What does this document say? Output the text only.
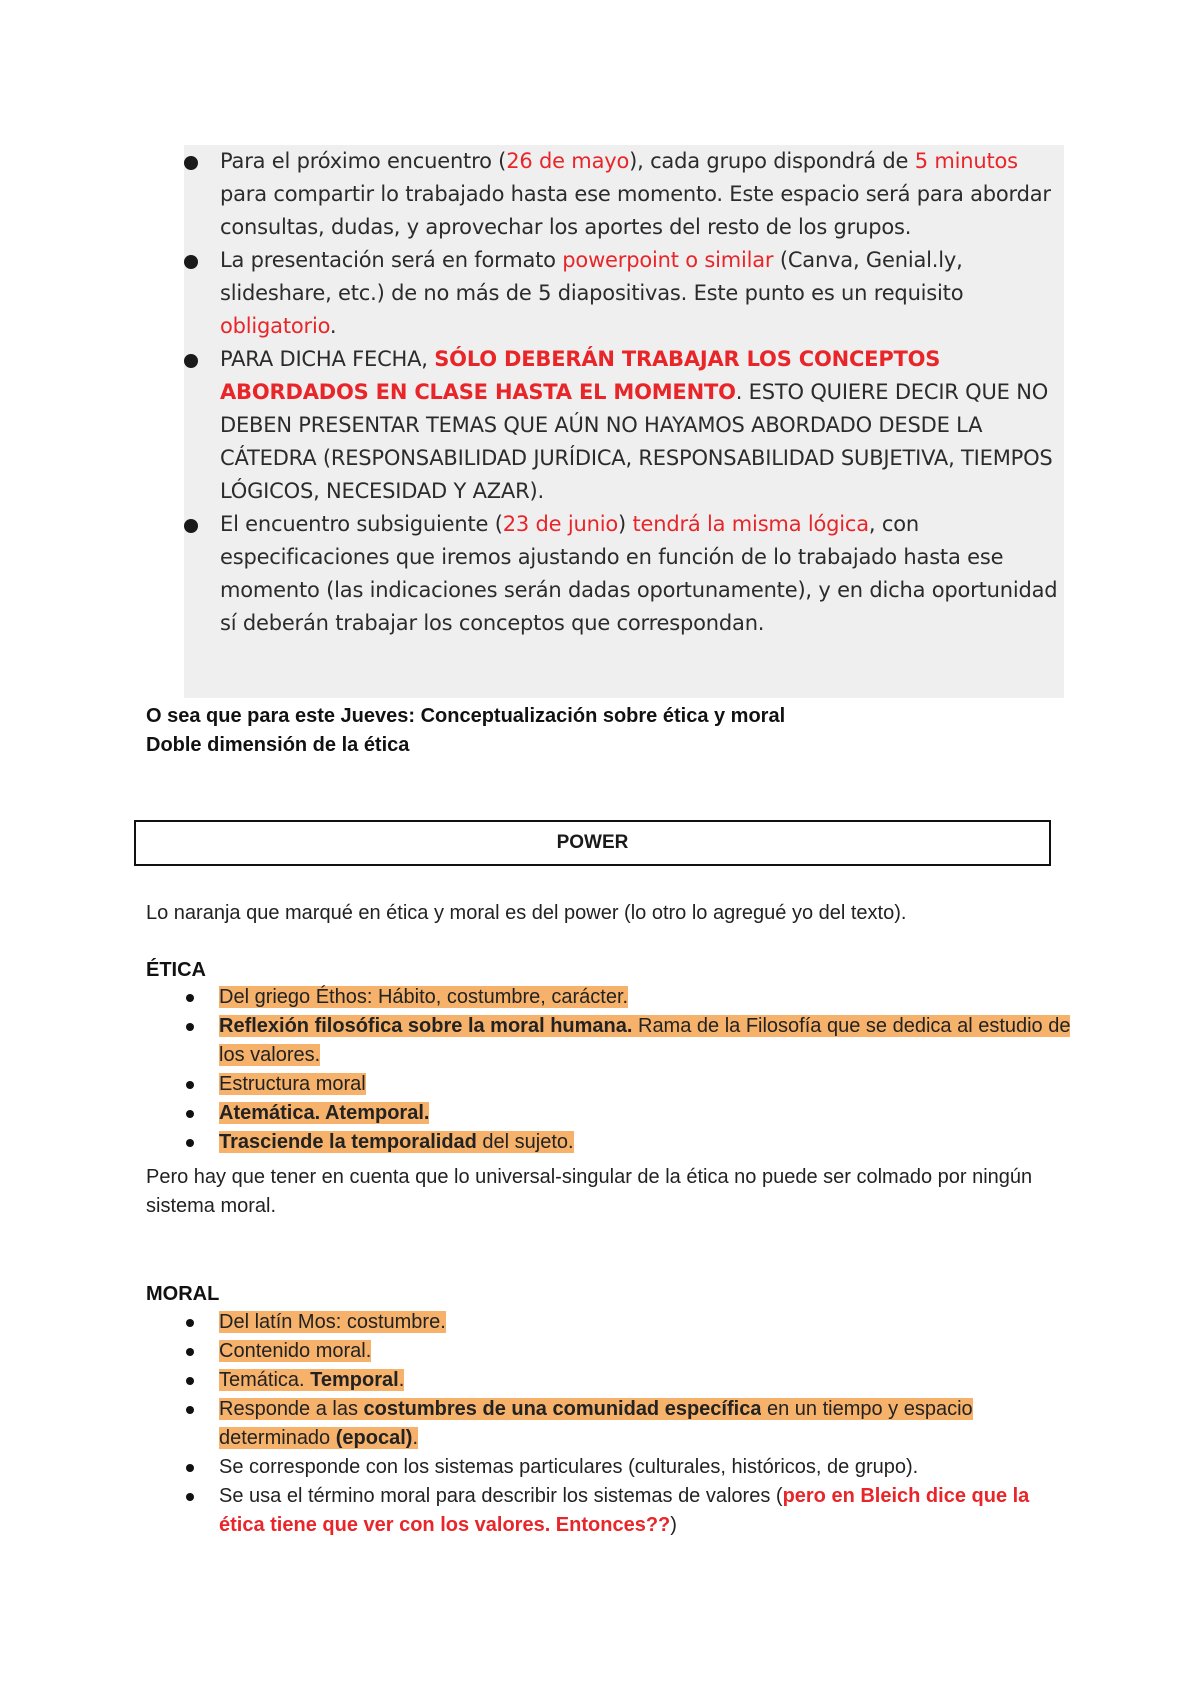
Para el próximo encuentro (26 de mayo), cada grupo dispondrá de 5 minutos para compartir lo trabajado hasta ese momento. Este espacio será para abordar consultas, dudas, y aprovechar los aportes del resto de los grupos.
La presentación será en formato powerpoint o similar (Canva, Genial.ly, slideshare, etc.) de no más de 5 diapositivas. Este punto es un requisito obligatorio.
PARA DICHA FECHA, SÓLO DEBERÁN TRABAJAR LOS CONCEPTOS ABORDADOS EN CLASE HASTA EL MOMENTO. ESTO QUIERE DECIR QUE NO DEBEN PRESENTAR TEMAS QUE AÚN NO HAYAMOS ABORDADO DESDE LA CÁTEDRA (RESPONSABILIDAD JURÍDICA, RESPONSABILIDAD SUBJETIVA, TIEMPOS LÓGICOS, NECESIDAD Y AZAR).
El encuentro subsiguiente (23 de junio) tendrá la misma lógica, con especificaciones que iremos ajustando en función de lo trabajado hasta ese momento (las indicaciones serán dadas oportunamente), y en dicha oportunidad sí deberán trabajar los conceptos que correspondan.
O sea que para este Jueves: Conceptualización sobre ética y moral
Doble dimensión de la ética
POWER
Lo naranja que marqué en ética y moral es del power (lo otro lo agregué yo del texto).
ÉTICA
Del griego Éthos: Hábito, costumbre, carácter.
Reflexión filosófica sobre la moral humana. Rama de la Filosofía que se dedica al estudio de los valores.
Estructura moral
Atemática. Atemporal.
Trasciende la temporalidad del sujeto.
Pero hay que tener en cuenta que lo universal-singular de la ética no puede ser colmado por ningún sistema moral.
MORAL
Del latín Mos: costumbre.
Contenido moral.
Temática. Temporal.
Responde a las costumbres de una comunidad específica en un tiempo y espacio determinado (epocal).
Se corresponde con los sistemas particulares (culturales, históricos, de grupo).
Se usa el término moral para describir los sistemas de valores (pero en Bleich dice que la ética tiene que ver con los valores. Entonces??)
